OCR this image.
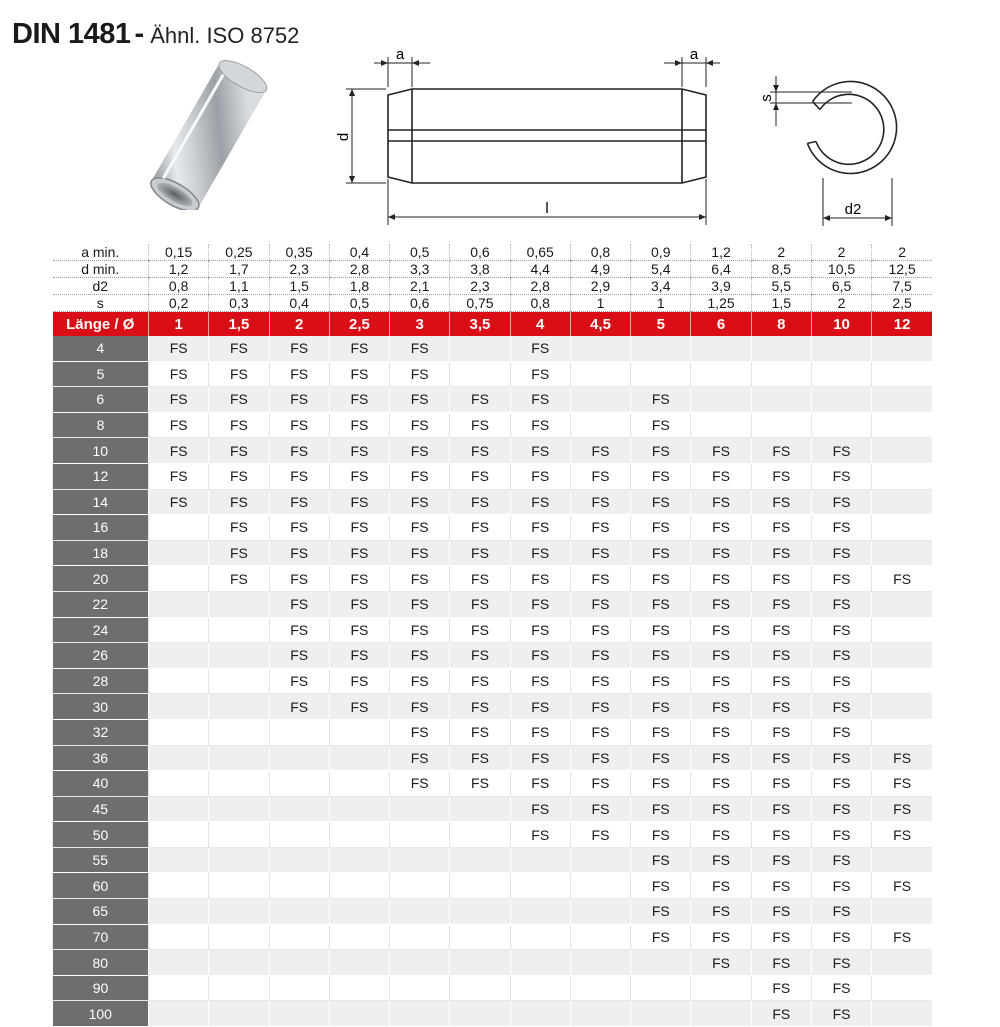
DIN 1481 - Ähnl. ISO 8752
a	a
d
l
s
d2
a min.	0,15	0,25	0,35	0,4	0,5	0,6	0,65	0,8	0,9	1,2	2	2	2
d min.	1,2	1,7	2,3	2,8	3,3	3,8	4,4	4,9	5,4	6,4	8,5	10,5	12,5
d2	0,8	1,1	1,5	1,8	2,1	2,3	2,8	2,9	3,4	3,9	5,5	6,5	7,5
s	0,2	0,3	0,4	0,5	0,6	0,75	0,8	1	1	1,25	1,5	2	2,5
Länge / Ø	1	1,5	2	2,5	3	3,5	4	4,5	5	6	8	10	12
4	FS	FS	FS	FS	FS		FS						
5	FS	FS	FS	FS	FS		FS						
6	FS	FS	FS	FS	FS	FS	FS		FS				
8	FS	FS	FS	FS	FS	FS	FS		FS				
10	FS	FS	FS	FS	FS	FS	FS	FS	FS	FS	FS	FS	
12	FS	FS	FS	FS	FS	FS	FS	FS	FS	FS	FS	FS	
14	FS	FS	FS	FS	FS	FS	FS	FS	FS	FS	FS	FS	
16		FS	FS	FS	FS	FS	FS	FS	FS	FS	FS	FS	
18		FS	FS	FS	FS	FS	FS	FS	FS	FS	FS	FS	
20		FS	FS	FS	FS	FS	FS	FS	FS	FS	FS	FS	FS
22			FS	FS	FS	FS	FS	FS	FS	FS	FS	FS	
24			FS	FS	FS	FS	FS	FS	FS	FS	FS	FS	
26			FS	FS	FS	FS	FS	FS	FS	FS	FS	FS	
28			FS	FS	FS	FS	FS	FS	FS	FS	FS	FS	
30			FS	FS	FS	FS	FS	FS	FS	FS	FS	FS	
32					FS	FS	FS	FS	FS	FS	FS	FS	
36					FS	FS	FS	FS	FS	FS	FS	FS	FS
40					FS	FS	FS	FS	FS	FS	FS	FS	FS
45							FS	FS	FS	FS	FS	FS	FS
50							FS	FS	FS	FS	FS	FS	FS
55									FS	FS	FS	FS	
60									FS	FS	FS	FS	FS
65									FS	FS	FS	FS	
70									FS	FS	FS	FS	FS
80										FS	FS	FS	
90											FS	FS	
100											FS	FS	
